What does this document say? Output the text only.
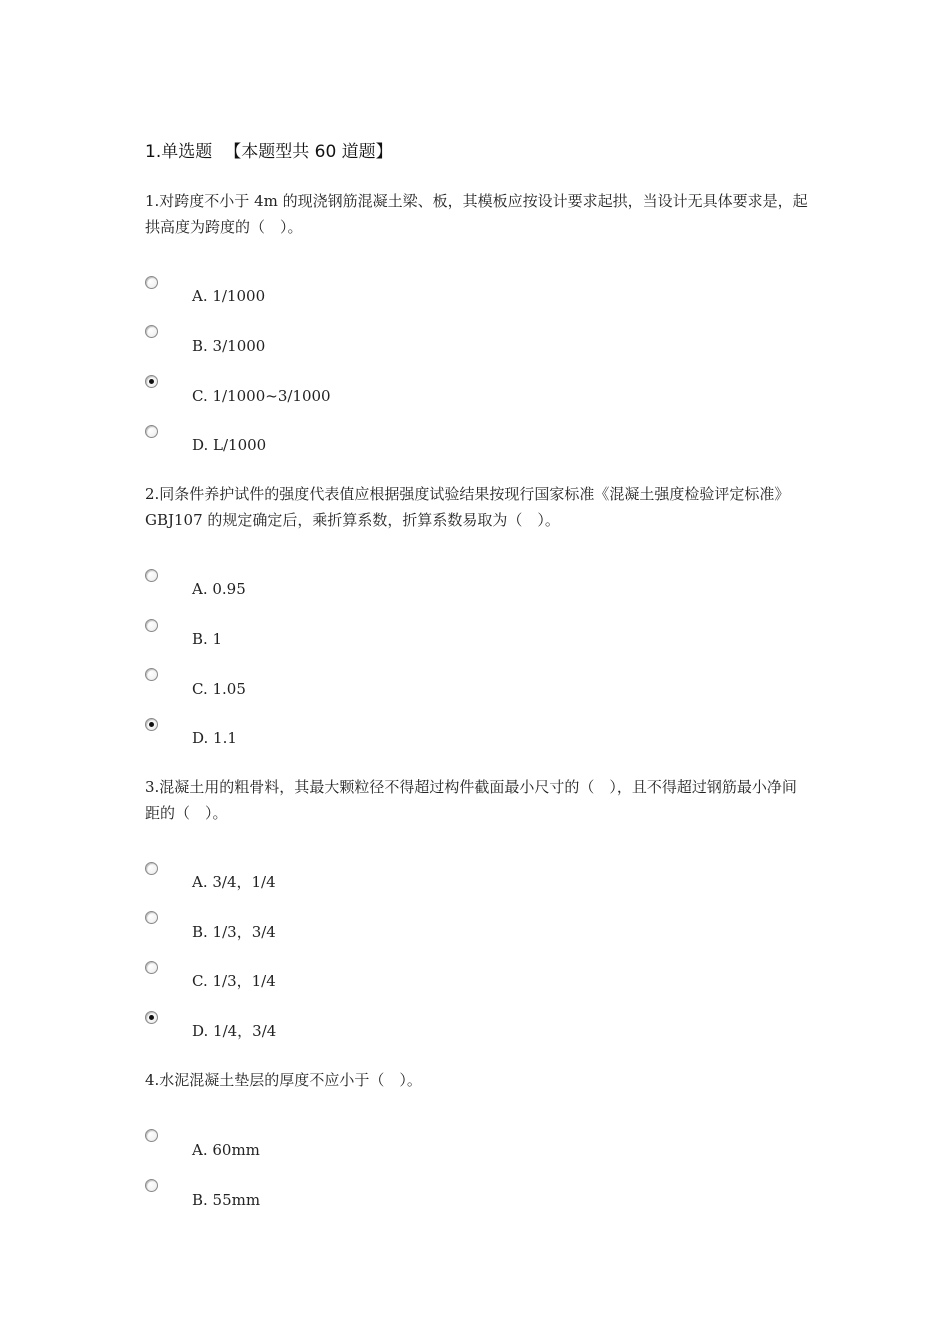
1.单选题 【本题型共 60 道题】
1.对跨度不小于 4m 的现浇钢筋混凝土梁、板，其模板应按设计要求起拱，当设计无具体要求是，起拱高度为跨度的（　）。
A. 1/1000
B. 3/1000
C. 1/1000~3/1000
D. L/1000
2.同条件养护试件的强度代表值应根据强度试验结果按现行国家标准《混凝土强度检验评定标准》GBJ107 的规定确定后，乘折算系数，折算系数易取为（　）。
A. 0.95
B. 1
C. 1.05
D. 1.1
3.混凝土用的粗骨料，其最大颗粒径不得超过构件截面最小尺寸的（　），且不得超过钢筋最小净间距的（　）。
A. 3/4，1/4
B. 1/3，3/4
C. 1/3，1/4
D. 1/4，3/4
4.水泥混凝土垫层的厚度不应小于（　）。
A. 60mm
B. 55mm
